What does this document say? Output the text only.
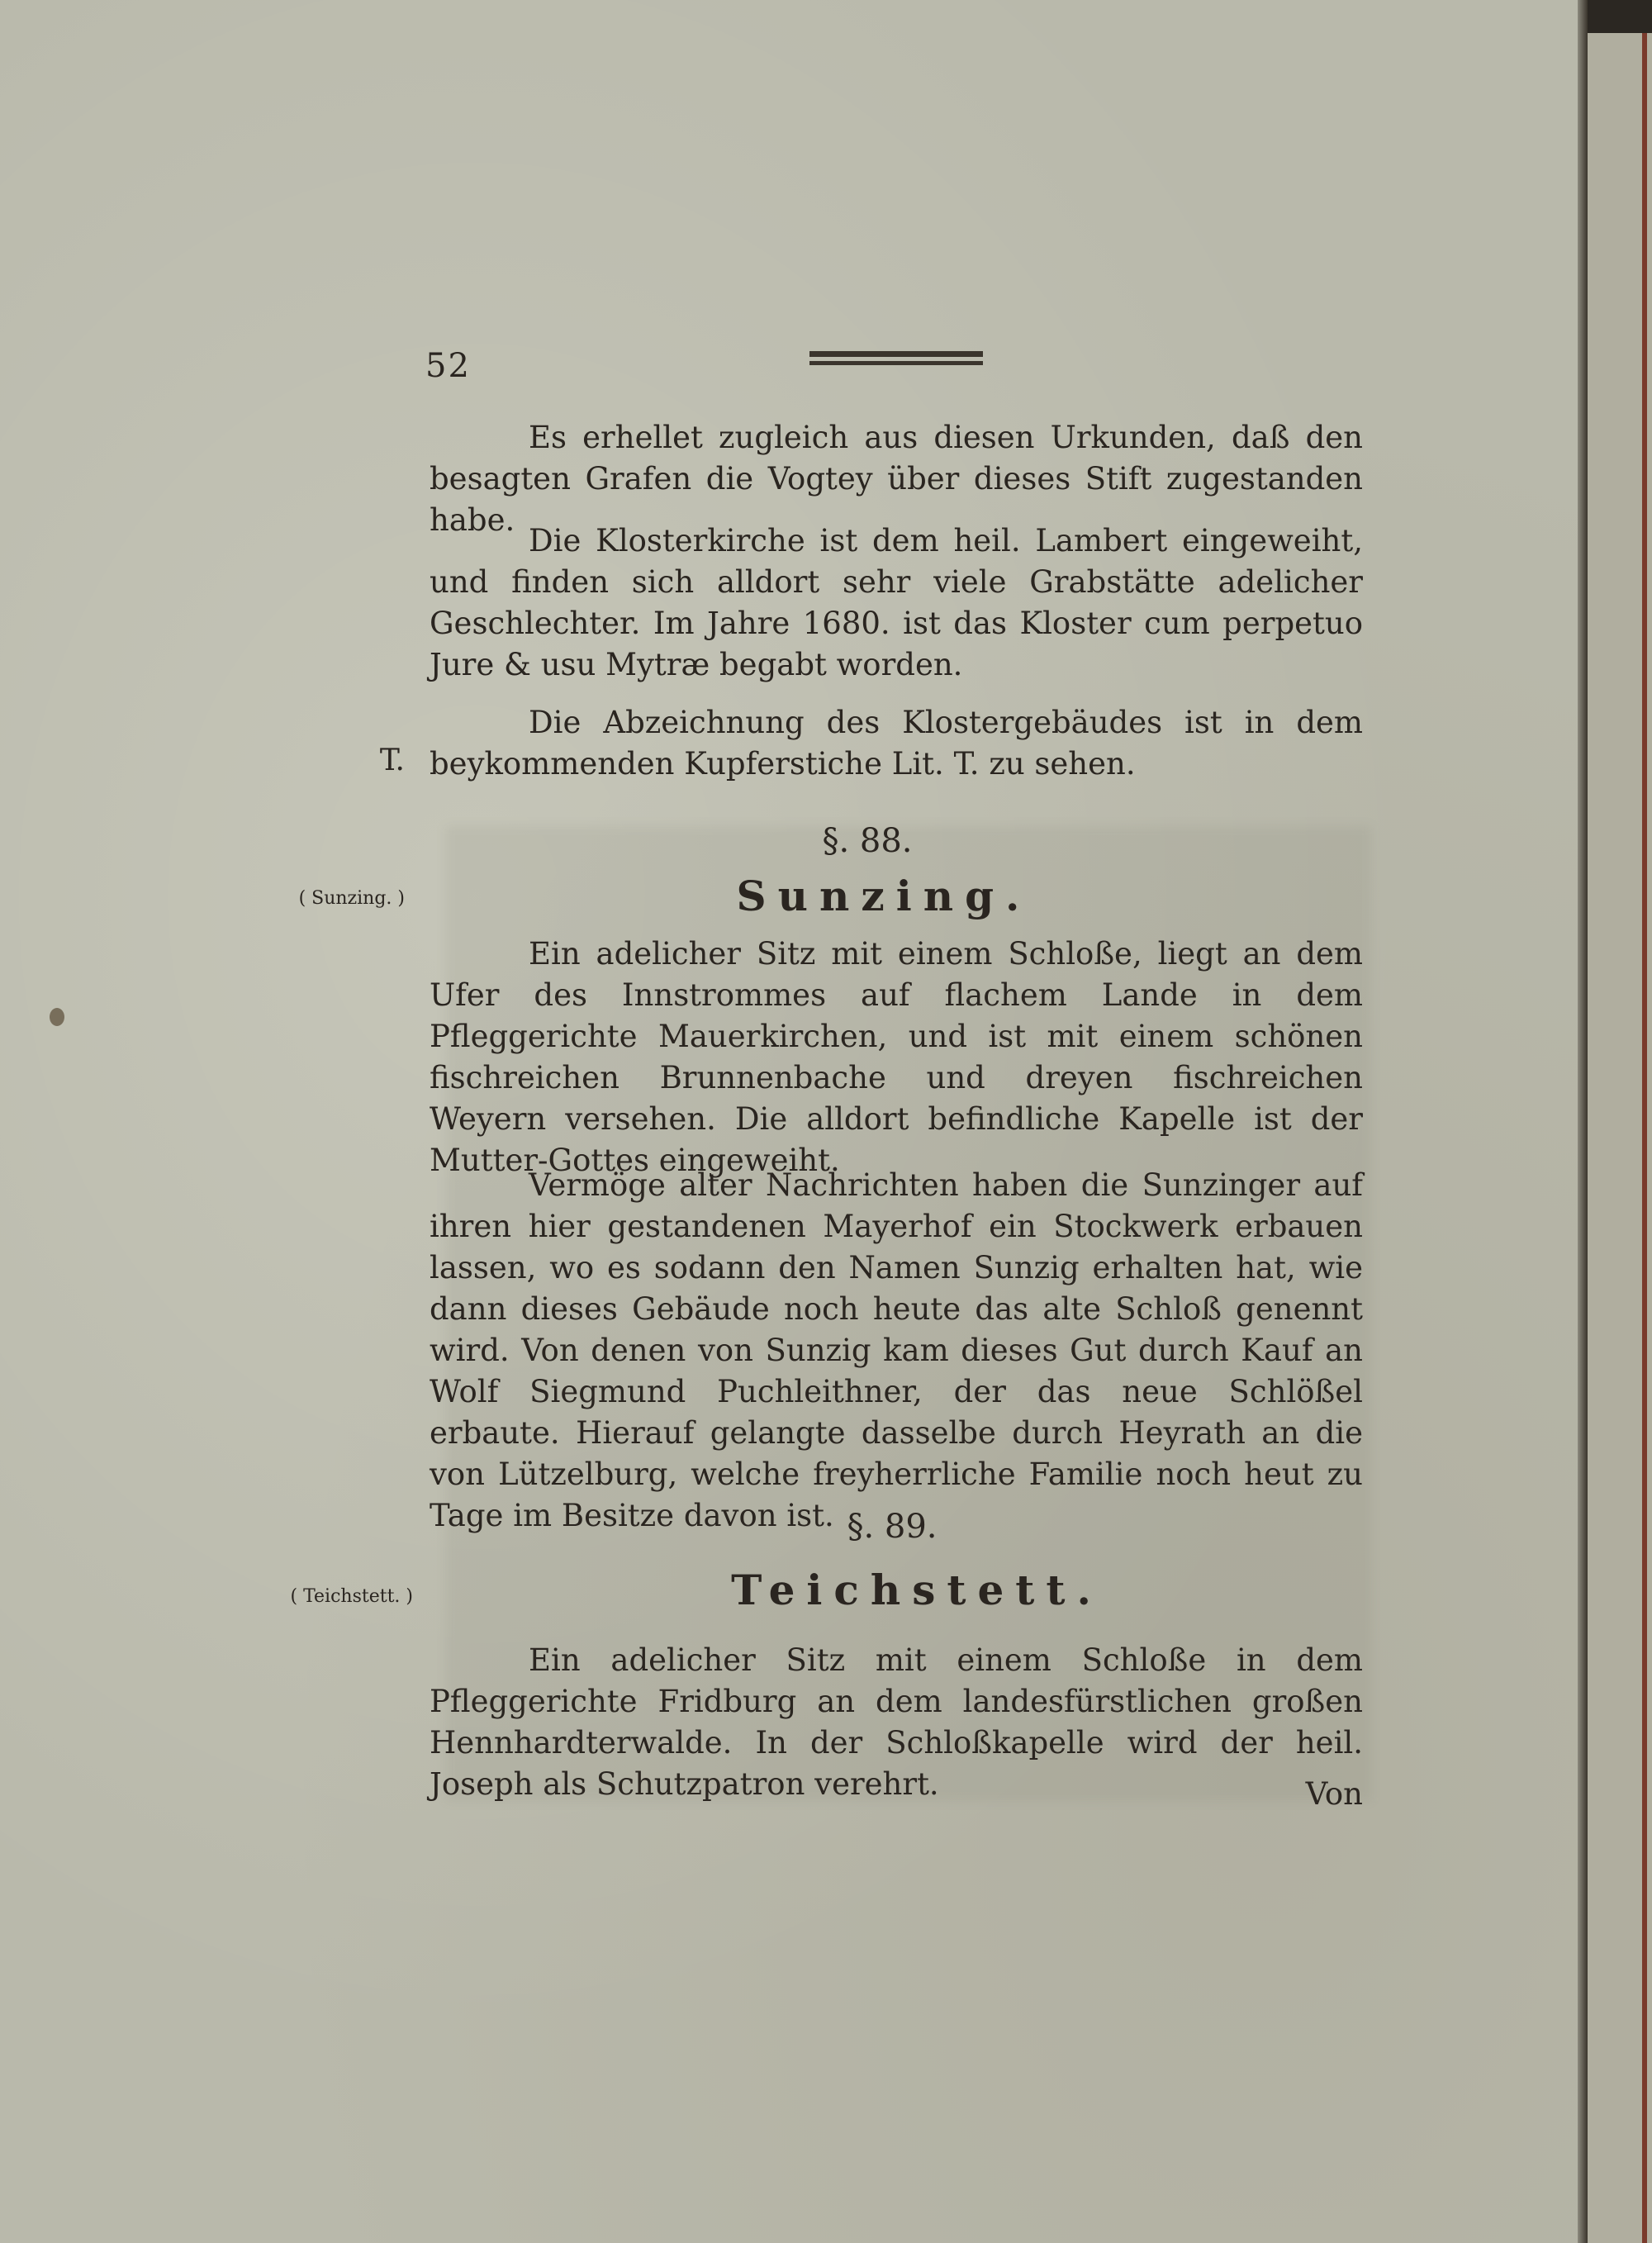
52

Es erhellet zugleich aus diesen Urkunden, daß den besagten Grafen die Vogtey über dieses Stift zugestanden habe.

Die Klosterkirche ist dem heil. Lambert eingeweiht, und finden sich alldort sehr viele Grabstätte adelicher Geschlechter. Im Jahre 1680. ist das Kloster cum perpetuo Jure & usu Mytræ begabt worden.

Die Abzeichnung des Klostergebäudes ist in dem beykommenden Kupferstiche Lit. T. zu sehen.

T.
§. 88.
( Sunzing. )	Sunzing.

Ein adelicher Sitz mit einem Schloße, liegt an dem Ufer des Innstrommes auf flachem Lande in dem Pfleggerichte Mauerkirchen, und ist mit einem schönen fischreichen Brunnenbache und dreyen fischreichen Weyern versehen. Die alldort befindliche Kapelle ist der Mutter-Gottes eingeweiht.

Vermöge alter Nachrichten haben die Sunzinger auf ihren hier gestandenen Mayerhof ein Stockwerk erbauen lassen, wo es sodann den Namen Sunzig erhalten hat, wie dann dieses Gebäude noch heute das alte Schloß genennt wird. Von denen von Sunzig kam dieses Gut durch Kauf an Wolf Siegmund Puchleithner, der das neue Schlößel erbaute. Hierauf gelangte dasselbe durch Heyrath an die von Lützelburg, welche freyherrliche Familie noch heut zu Tage im Besitze davon ist. §. 89.
( Teichstett. )	Teichstett.

Ein adelicher Sitz mit einem Schloße in dem Pfleggerichte Fridburg an dem landesfürstlichen großen Hennhardterwalde. In der Schloßkapelle wird der heil. Joseph als Schutzpatron verehrt.	Von
